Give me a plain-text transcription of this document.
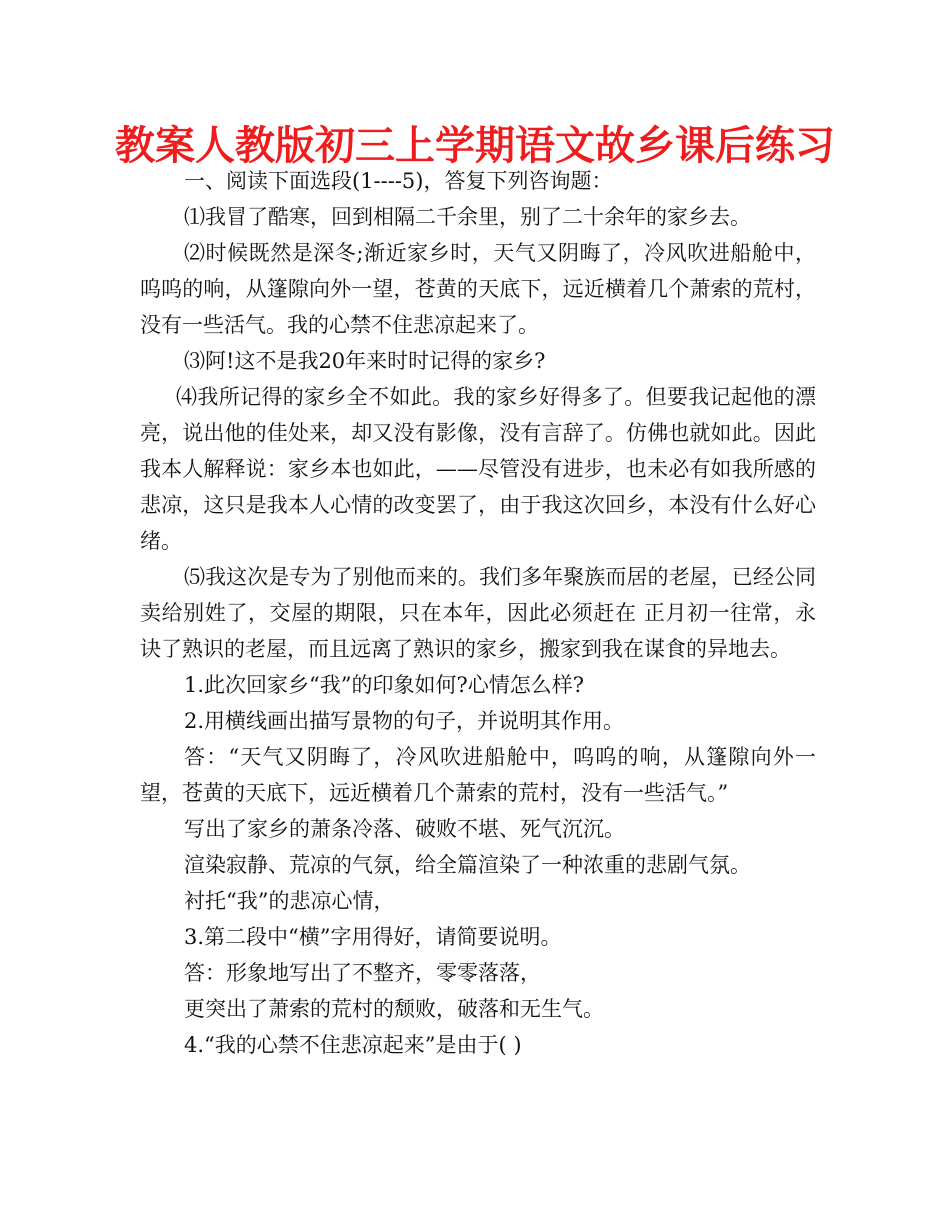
教案人教版初三上学期语文故乡课后练习

一、阅读下面选段(1----5)，答复下列咨询题：

⑴我冒了酷寒，回到相隔二千余里，别了二十余年的家乡去。

⑵时候既然是深冬;渐近家乡时，天气又阴晦了，冷风吹进船舱中，呜呜的响，从篷隙向外一望，苍黄的天底下，远近横着几个萧索的荒村，没有一些活气。我的心禁不住悲凉起来了。

⑶阿!这不是我20年来时时记得的家乡?

⑷我所记得的家乡全不如此。我的家乡好得多了。但要我记起他的漂亮，说出他的佳处来，却又没有影像，没有言辞了。仿佛也就如此。因此我本人解释说：家乡本也如此，——尽管没有进步，也未必有如我所感的悲凉，这只是我本人心情的改变罢了，由于我这次回乡，本没有什么好心绪。

⑸我这次是专为了别他而来的。我们多年聚族而居的老屋，已经公同卖给别姓了，交屋的期限，只在本年，因此必须赶在 正月初一往常，永诀了熟识的老屋，而且远离了熟识的家乡，搬家到我在谋食的异地去。

1.此次回家乡“我”的印象如何?心情怎么样?

2.用横线画出描写景物的句子，并说明其作用。

答：“天气又阴晦了，冷风吹进船舱中，呜呜的响，从篷隙向外一望，苍黄的天底下，远近横着几个萧索的荒村，没有一些活气。”

写出了家乡的萧条冷落、破败不堪、死气沉沉。

渲染寂静、荒凉的气氛，给全篇渲染了一种浓重的悲剧气氛。

衬托“我”的悲凉心情，

3.第二段中“横”字用得好，请简要说明。

答：形象地写出了不整齐，零零落落，

更突出了萧索的荒村的颓败，破落和无生气。

4.“我的心禁不住悲凉起来”是由于( )
